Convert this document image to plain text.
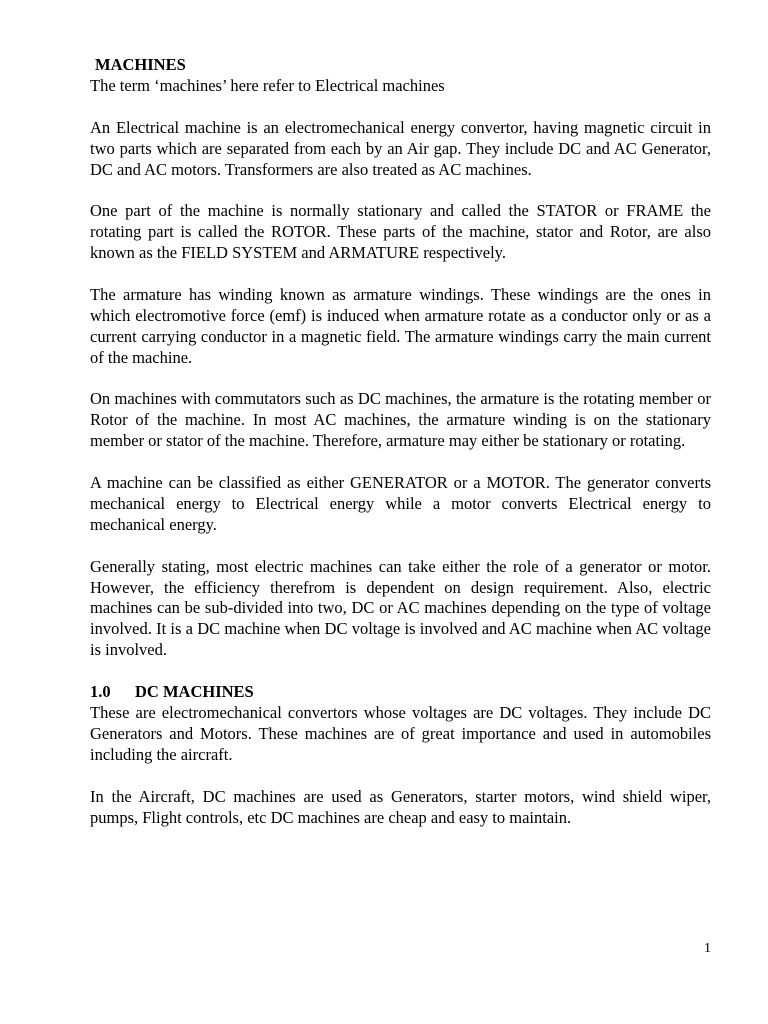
MACHINES

The term ‘machines’ here refer to Electrical machines

An Electrical machine is an electromechanical energy convertor, having magnetic circuit in two parts which are separated from each by an Air gap. They include DC and AC Generator, DC and AC motors. Transformers are also treated as AC machines.

One part of the machine is normally stationary and called the STATOR or FRAME the rotating part is called the ROTOR. These parts of the machine, stator and Rotor, are also known as the FIELD SYSTEM and ARMATURE respectively.

The armature has winding known as armature windings. These windings are the ones in which electromotive force (emf) is induced when armature rotate as a conductor only or as a current carrying conductor in a magnetic field. The armature windings carry the main current of the machine.

On machines with commutators such as DC machines, the armature is the rotating member or Rotor of the machine. In most AC machines, the armature winding is on the stationary member or stator of the machine. Therefore, armature may either be stationary or rotating.

A machine can be classified as either GENERATOR or a MOTOR. The generator converts mechanical energy to Electrical energy while a motor converts Electrical energy to mechanical energy.

Generally stating, most electric machines can take either the role of a generator or motor. However, the efficiency therefrom is dependent on design requirement. Also, electric machines can be sub-divided into two, DC or AC machines depending on the type of voltage involved. It is a DC machine when DC voltage is involved and AC machine when AC voltage is involved.

1.0 DC MACHINES

These are electromechanical convertors whose voltages are DC voltages. They include DC Generators and Motors. These machines are of great importance and used in automobiles including the aircraft.

In the Aircraft, DC machines are used as Generators, starter motors, wind shield wiper, pumps, Flight controls, etc DC machines are cheap and easy to maintain.

1
